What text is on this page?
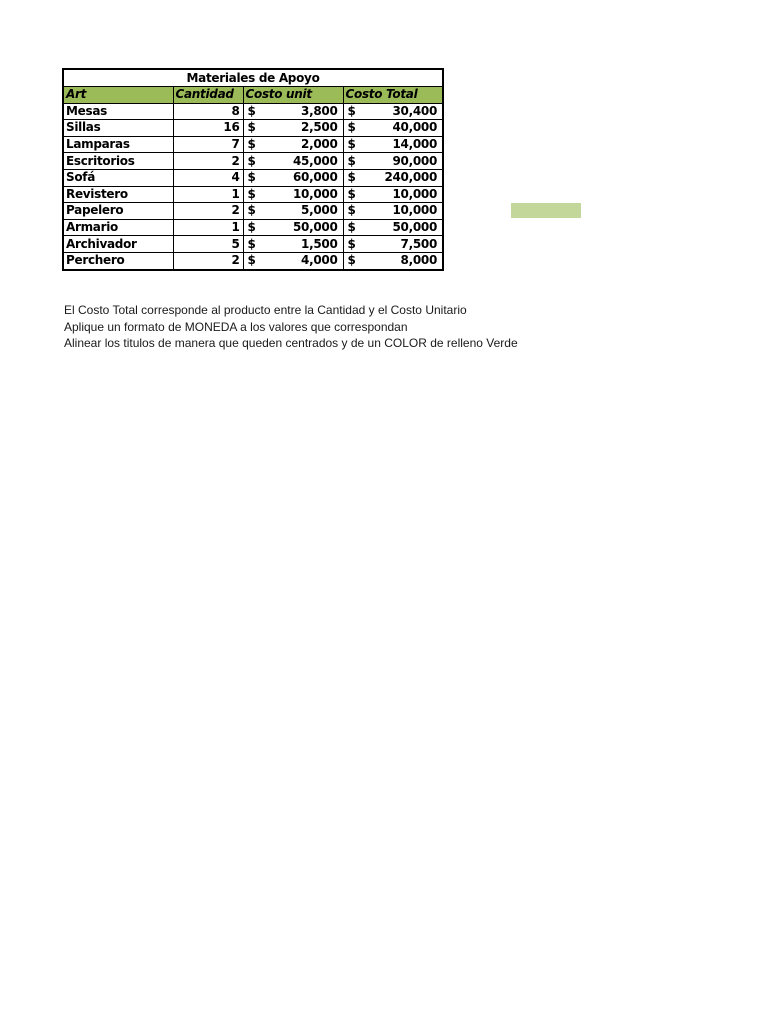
Materiales de Apoyo			
Art	Cantidad	Costo unit	Costo Total
Mesas	8	$ 3,800	$ 30,400

Sillas	16	$ 2,500	$ 40,000

Lamparas	7	$ 2,000	$ 14,000

Escritorios	2	$ 45,000	$ 90,000

Sofá	4	$ 60,000	$ 240,000

Revistero	1	$ 10,000	$ 10,000

Papelero	2	$ 5,000	$ 10,000

Armario	1	$ 50,000	$ 50,000

Archivador	5	$ 1,500	$ 7,500

Perchero	2	$ 4,000	$ 8,000
El Costo Total corresponde al producto entre la Cantidad y el Costo Unitario
Aplique un formato de MONEDA a los valores que correspondan
Alinear los titulos de manera que queden centrados y de un COLOR de relleno Verde
